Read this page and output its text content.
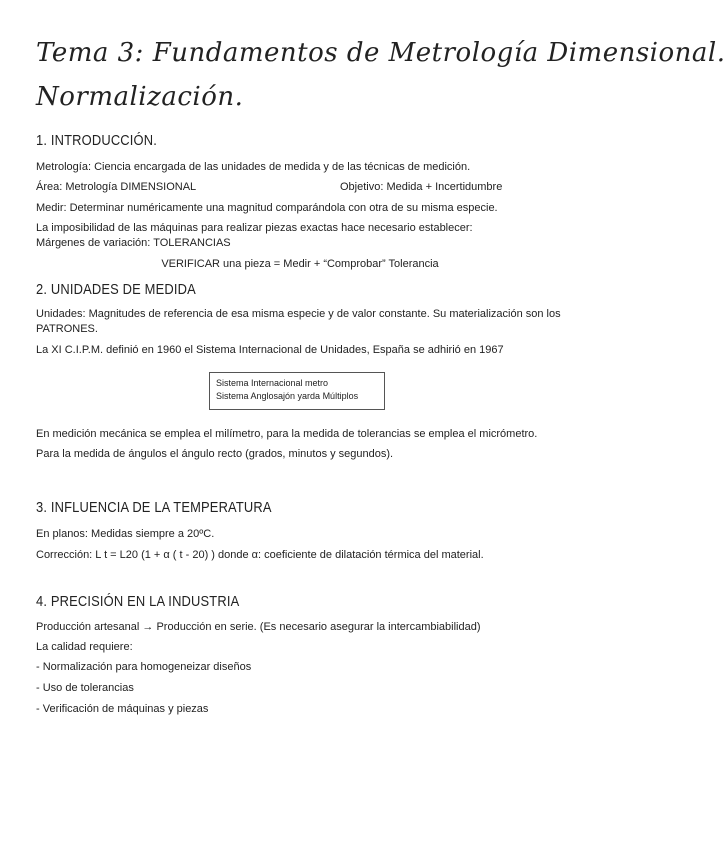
Tema 3: Fundamentos de Metrología Dimensional.
Normalización.
1. INTRODUCCIÓN.
Metrología: Ciencia encargada de las unidades de medida y de las técnicas de medición.
Área: Metrología DIMENSIONAL	Objetivo: Medida + Incertidumbre
Medir: Determinar numéricamente una magnitud comparándola con otra de su misma especie.
La imposibilidad de las máquinas para realizar piezas exactas hace necesario establecer:
Márgenes de variación: TOLERANCIAS
VERIFICAR una pieza = Medir + “Comprobar” Tolerancia
2. UNIDADES DE MEDIDA
Unidades: Magnitudes de referencia de esa misma especie y de valor constante. Su materialización son los
PATRONES.
La XI C.I.P.M. definió en 1960 el Sistema Internacional de Unidades, España se adhirió en 1967
Sistema Internacional metro
Sistema Anglosajón yarda Múltiplos
En medición mecánica se emplea el milímetro, para la medida de tolerancias se emplea el micrómetro.
Para la medida de ángulos el ángulo recto (grados, minutos y segundos).
3. INFLUENCIA DE LA TEMPERATURA
En planos: Medidas siempre a 20ºC.
Corrección: L t = L20 (1 + α ( t - 20) ) donde α: coeficiente de dilatación térmica del material.
4. PRECISIÓN EN LA INDUSTRIA
Producción artesanal → Producción en serie. (Es necesario asegurar la intercambiabilidad)
La calidad requiere:
- Normalización para homogeneizar diseños
- Uso de tolerancias
- Verificación de máquinas y piezas
